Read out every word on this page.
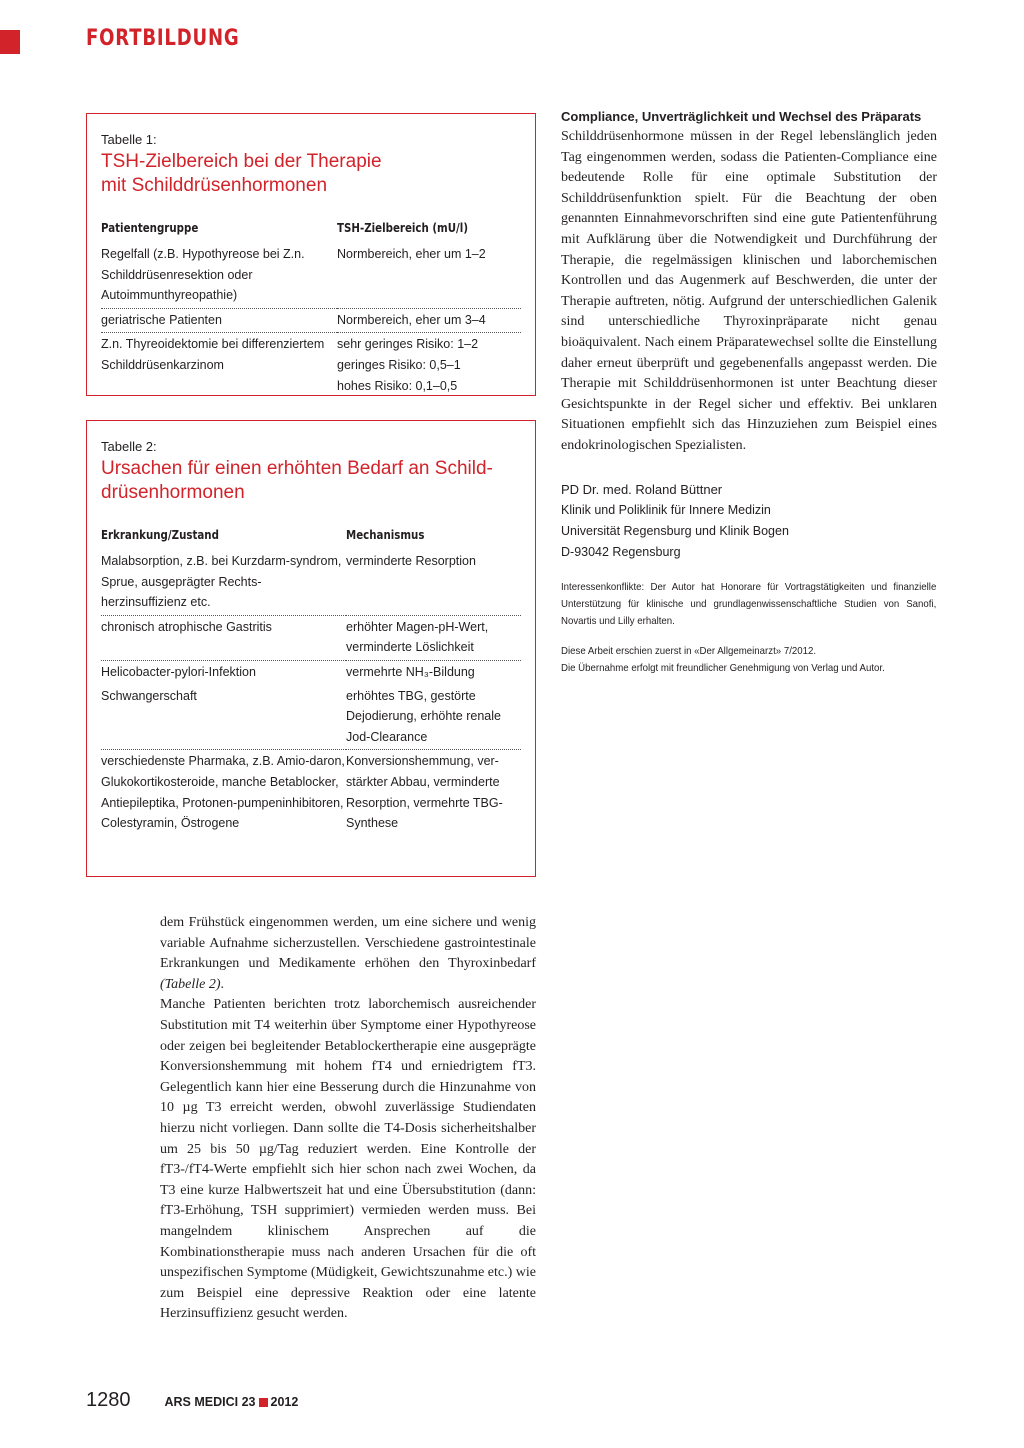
FORTBILDUNG
Tabelle 1:
TSH-Zielbereich bei der Therapie
mit Schilddrüsenhormonen
Patientengruppe	TSH-Zielbereich (mU/l)
Regelfall (z.B. Hypothyreose bei Z.n. Schilddrüsenresektion oder Autoimmunthyreopathie)	Normbereich, eher um 1–2
geriatrische Patienten	Normbereich, eher um 3–4
Z.n. Thyreoidektomie bei differenziertem Schilddrüsenkarzinom	sehr geringes Risiko: 1–2
geringes Risiko: 0,5–1
hohes Risiko: 0,1–0,5
Tabelle 2:
Ursachen für einen erhöhten Bedarf an Schild-
drüsenhormonen
Erkrankung/Zustand	Mechanismus
Malabsorption, z.B. bei Kurzdarm-syndrom, Sprue, ausgeprägter Rechts-herzinsuffizienz etc.	verminderte Resorption
chronisch atrophische Gastritis	erhöhter Magen-pH-Wert, verminderte Löslichkeit
Helicobacter-pylori-Infektion	vermehrte NH₃-Bildung
Schwangerschaft	erhöhtes TBG, gestörte Dejodierung, erhöhte renale Jod-Clearance
verschiedenste Pharmaka, z.B. Amio-daron, Glukokortikosteroide, manche Betablocker, Antiepileptika, Protonen-pumpeninhibitoren, Colestyramin, Östrogene	Konversionshemmung, ver-stärkter Abbau, verminderte Resorption, vermehrte TBG-Synthese
Compliance, Unverträglichkeit und Wechsel des Präparats

Schilddrüsenhormone müssen in der Regel lebenslänglich jeden Tag eingenommen werden, sodass die Patienten-Compliance eine bedeutende Rolle für eine optimale Substitution der Schilddrüsenfunktion spielt. Für die Beachtung der oben genannten Einnahmevorschriften sind eine gute Patientenführung mit Aufklärung über die Notwendigkeit und Durchführung der Therapie, die regelmässigen klinischen und laborchemischen Kontrollen und das Augenmerk auf Beschwerden, die unter der Therapie auftreten, nötig. Aufgrund der unterschiedlichen Galenik sind unterschiedliche Thyroxinpräparate nicht genau bioäquivalent. Nach einem Präparatewechsel sollte die Einstellung daher erneut überprüft und gegebenenfalls angepasst werden. Die Therapie mit Schilddrüsenhormonen ist unter Beachtung dieser Gesichtspunkte in der Regel sicher und effektiv. Bei unklaren Situationen empfiehlt sich das Hinzuziehen zum Beispiel eines endokrinologischen Spezialisten.

PD Dr. med. Roland Büttner
Klinik und Poliklinik für Innere Medizin
Universität Regensburg und Klinik Bogen
D-93042 Regensburg

Interessenkonflikte: Der Autor hat Honorare für Vortragstätigkeiten und finanzielle Unterstützung für klinische und grundlagenwissenschaftliche Studien von Sanofi, Novartis und Lilly erhalten.

Diese Arbeit erschien zuerst in «Der Allgemeinarzt» 7/2012.

Die Übernahme erfolgt mit freundlicher Genehmigung von Verlag und Autor.

dem Frühstück eingenommen werden, um eine sichere und wenig variable Aufnahme sicherzustellen. Verschiedene gastrointestinale Erkrankungen und Medikamente erhöhen den Thyroxinbedarf (Tabelle 2).

Manche Patienten berichten trotz laborchemisch ausreichender Substitution mit T4 weiterhin über Symptome einer Hypothyreose oder zeigen bei begleitender Betablockertherapie eine ausgeprägte Konversionshemmung mit hohem fT4 und erniedrigtem fT3. Gelegentlich kann hier eine Besserung durch die Hinzunahme von 10 µg T3 erreicht werden, obwohl zuverlässige Studiendaten hierzu nicht vorliegen. Dann sollte die T4-Dosis sicherheitshalber um 25 bis 50 µg/Tag reduziert werden. Eine Kontrolle der fT3-/fT4-Werte empfiehlt sich hier schon nach zwei Wochen, da T3 eine kurze Halbwertszeit hat und eine Übersubstitution (dann: fT3-Erhöhung, TSH supprimiert) vermieden werden muss. Bei mangelndem klinischem Ansprechen auf die Kombinationstherapie muss nach anderen Ursachen für die oft unspezifischen Symptome (Müdigkeit, Gewichtszunahme etc.) wie zum Beispiel eine depressive Reaktion oder eine latente Herzinsuffizienz gesucht werden.

1280	ARS MEDICI 23 2012
